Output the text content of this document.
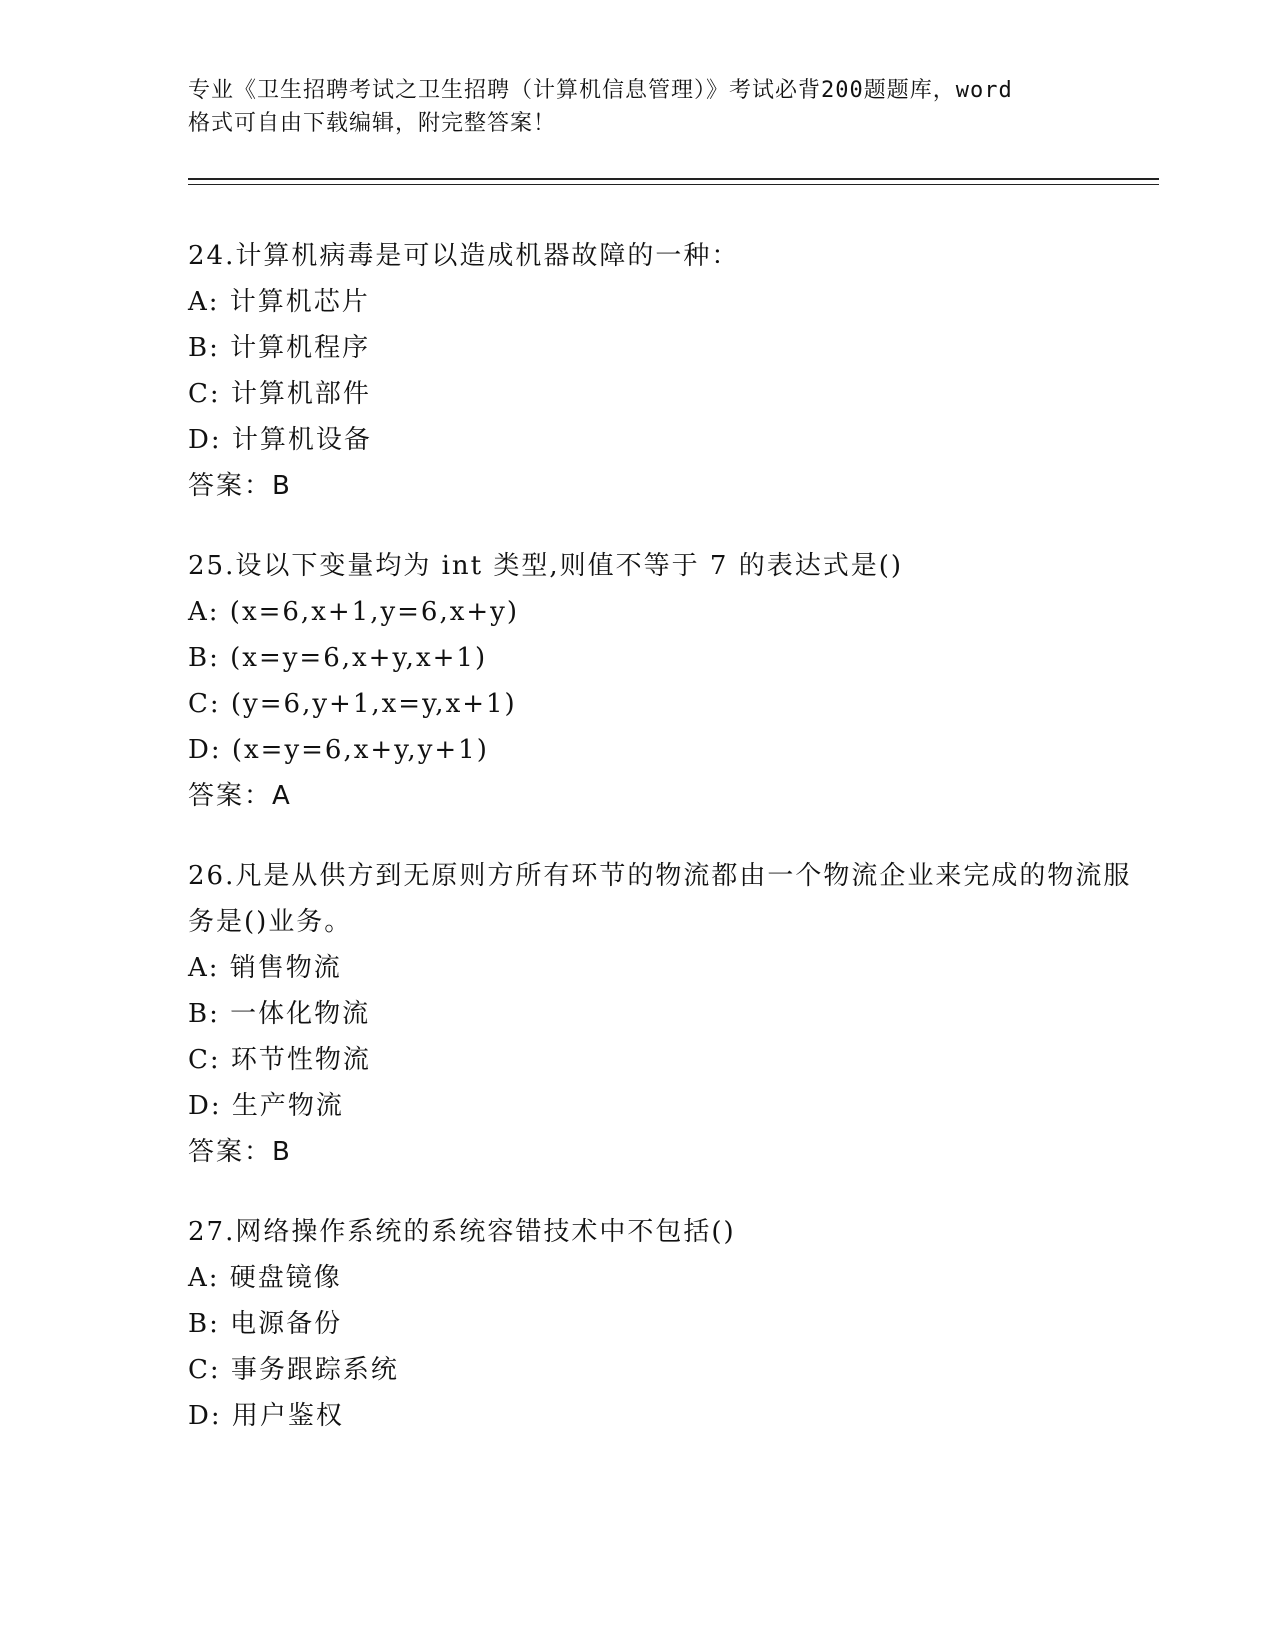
专业《卫生招聘考试之卫生招聘（计算机信息管理）》考试必背200题题库，word
格式可自由下载编辑，附完整答案！

24.计算机病毒是可以造成机器故障的一种：

A: 计算机芯片

B: 计算机程序

C: 计算机部件

D: 计算机设备

答案：B

25.设以下变量均为 int 类型,则值不等于 7 的表达式是()

A: (x=6,x+1,y=6,x+y)

B: (x=y=6,x+y,x+1)

C: (y=6,y+1,x=y,x+1)

D: (x=y=6,x+y,y+1)

答案：A

26.凡是从供方到无原则方所有环节的物流都由一个物流企业来完成的物流服务是()业务。

A: 销售物流

B: 一体化物流

C: 环节性物流

D: 生产物流

答案：B

27.网络操作系统的系统容错技术中不包括()

A: 硬盘镜像

B: 电源备份

C: 事务跟踪系统

D: 用户鉴权
